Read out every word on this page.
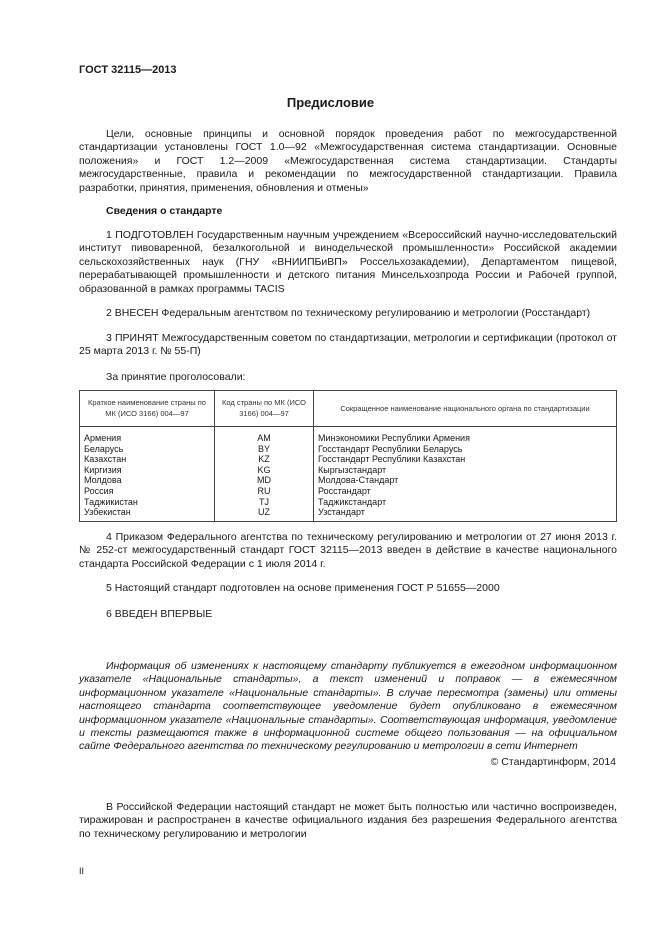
ГОСТ 32115—2013
Предисловие
Цели, основные принципы и основной порядок проведения работ по межгосударственной стандартизации установлены ГОСТ 1.0—92 «Межгосударственная система стандартизации. Основные положения» и ГОСТ 1.2—2009 «Межгосударственная система стандартизации. Стандарты межгосударственные, правила и рекомендации по межгосударственной стандартизации. Правила разработки, принятия, применения, обновления и отмены»
Сведения о стандарте
1 ПОДГОТОВЛЕН Государственным научным учреждением «Всероссийский научно-исследовательский институт пивоваренной, безалкогольной и винодельческой промышленности» Российской академии сельскохозяйственных наук (ГНУ «ВНИИПБиВП» Россельхозакадемии), Департаментом пищевой, перерабатывающей промышленности и детского питания Минсельхозпрода России и Рабочей группой, образованной в рамках программы TACIS
2 ВНЕСЕН Федеральным агентством по техническому регулированию и метрологии (Росстандарт)
3 ПРИНЯТ Межгосударственным советом по стандартизации, метрологии и сертификации (протокол от 25 марта 2013 г. № 55-П)
За принятие проголосовали:
Краткое наименование страны по МК (ИСО 3166) 004—97	Код страны по МК (ИСО 3166) 004—97	Сокращенное наименование национального органа по стандартизации
Армения	AM	Минэкономики Республики Армения
Беларусь	BY	Госстандарт Республики Беларусь
Казахстан	KZ	Госстандарт Республики Казахстан
Киргизия	KG	Кыргызстандарт
Молдова	MD	Молдова-Стандарт
Россия	RU	Росстандарт
Таджикистан	TJ	Таджикстандарт
Узбекистан	UZ	Узстандарт
4 Приказом Федерального агентства по техническому регулированию и метрологии от 27 июня 2013 г. № 252-ст межгосударственный стандарт ГОСТ 32115—2013 введен в действие в качестве национального стандарта Российской Федерации с 1 июля 2014 г.
5 Настоящий стандарт подготовлен на основе применения ГОСТ Р 51655—2000
6 ВВЕДЕН ВПЕРВЫЕ
Информация об изменениях к настоящему стандарту публикуется в ежегодном информационном указателе «Национальные стандарты», а текст изменений и поправок — в ежемесячном информационном указателе «Национальные стандарты». В случае пересмотра (замены) или отмены настоящего стандарта соответствующее уведомление будет опубликовано в ежемесячном информационном указателе «Национальные стандарты». Соответствующая информация, уведомление и тексты размещаются также в информационной системе общего пользования — на официальном сайте Федерального агентства по техническому регулированию и метрологии в сети Интернет
© Стандартинформ, 2014
В Российской Федерации настоящий стандарт не может быть полностью или частично воспроизведен, тиражирован и распространен в качестве официального издания без разрешения Федерального агентства по техническому регулированию и метрологии
II
